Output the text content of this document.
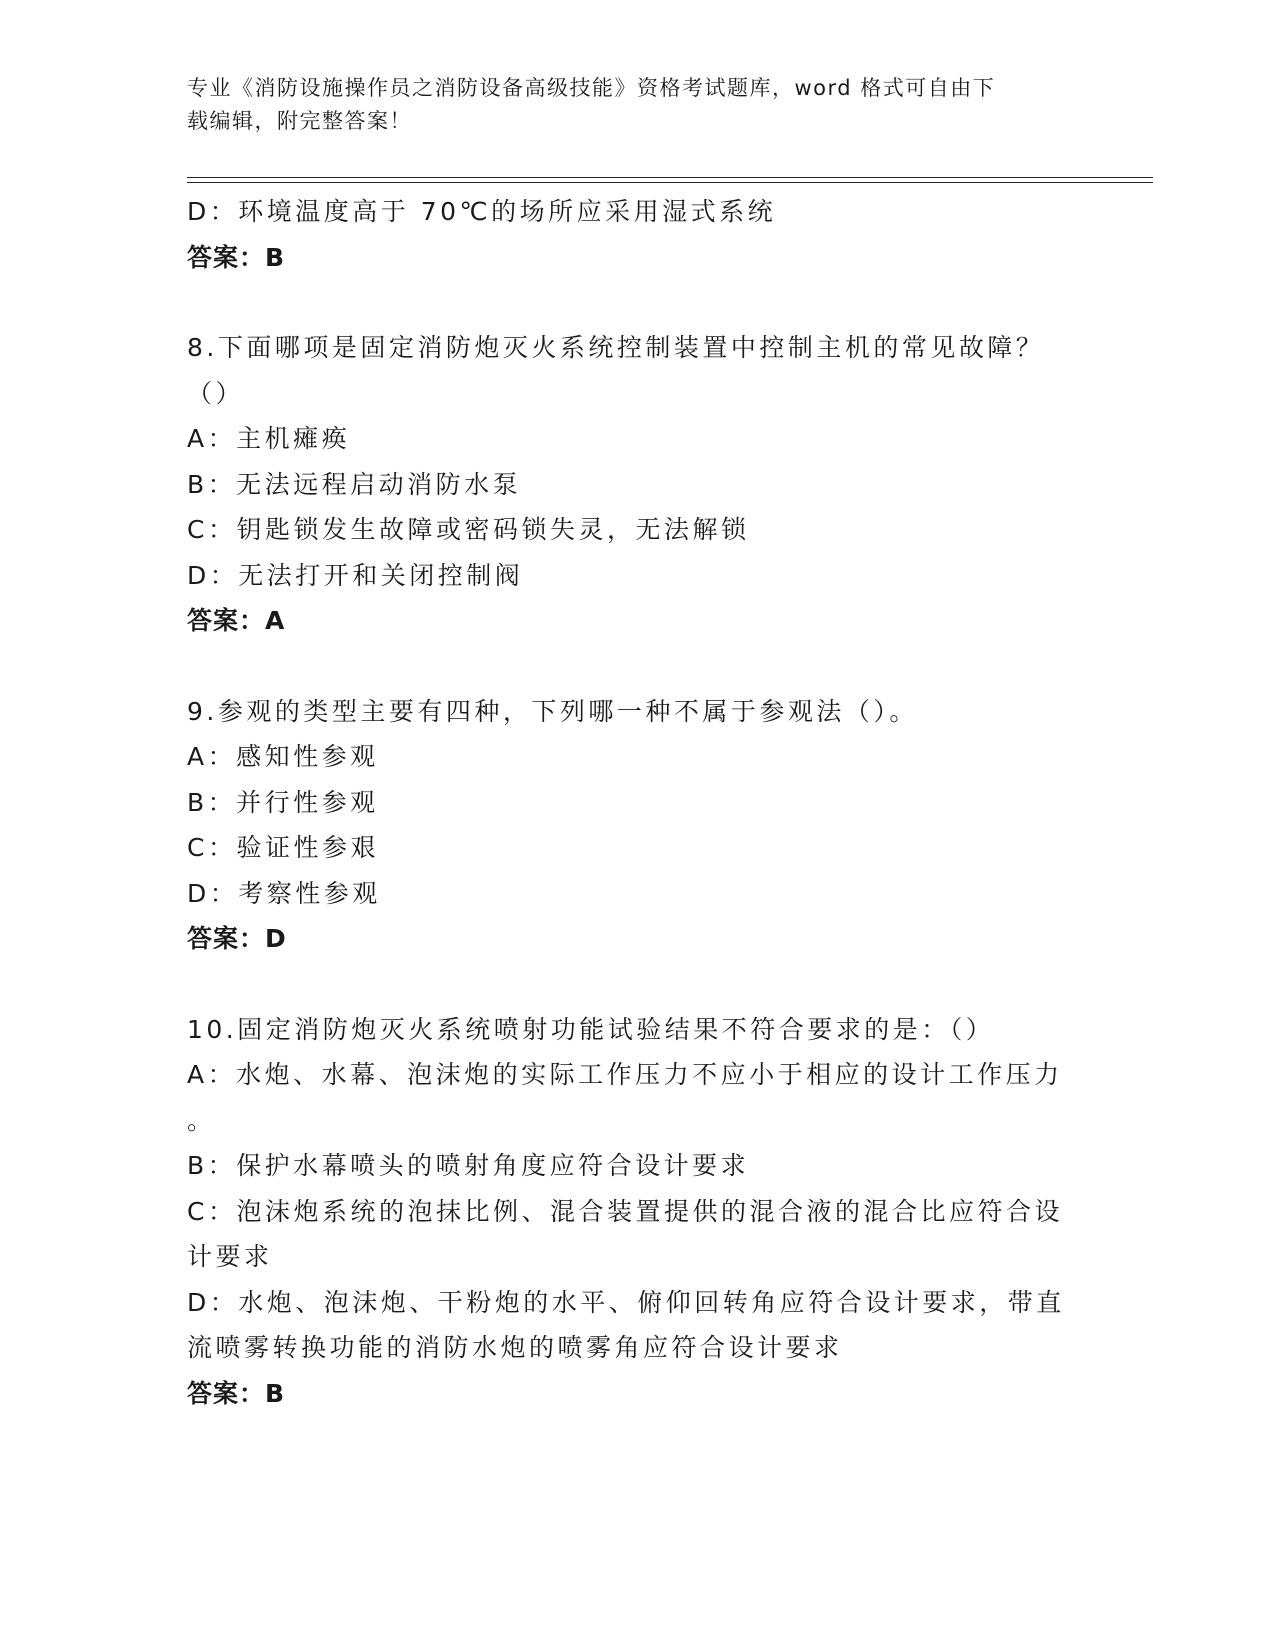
专业《消防设施操作员之消防设备高级技能》资格考试题库，word 格式可自由下
载编辑，附完整答案！
D：环境温度高于 70℃的场所应采用湿式系统
答案：B
8.下面哪项是固定消防炮灭火系统控制装置中控制主机的常见故障？
（）
A：主机瘫痪
B：无法远程启动消防水泵
C：钥匙锁发生故障或密码锁失灵，无法解锁
D：无法打开和关闭控制阀
答案：A
9.参观的类型主要有四种，下列哪一种不属于参观法（）。
A：感知性参观
B：并行性参观
C：验证性参艰
D：考察性参观
答案：D
10.固定消防炮灭火系统喷射功能试验结果不符合要求的是：（）
A：水炮、水幕、泡沫炮的实际工作压力不应小于相应的设计工作压力
。
B：保护水幕喷头的喷射角度应符合设计要求
C：泡沫炮系统的泡抹比例、混合装置提供的混合液的混合比应符合设
计要求
D：水炮、泡沫炮、干粉炮的水平、俯仰回转角应符合设计要求，带直
流喷雾转换功能的消防水炮的喷雾角应符合设计要求
答案：B
